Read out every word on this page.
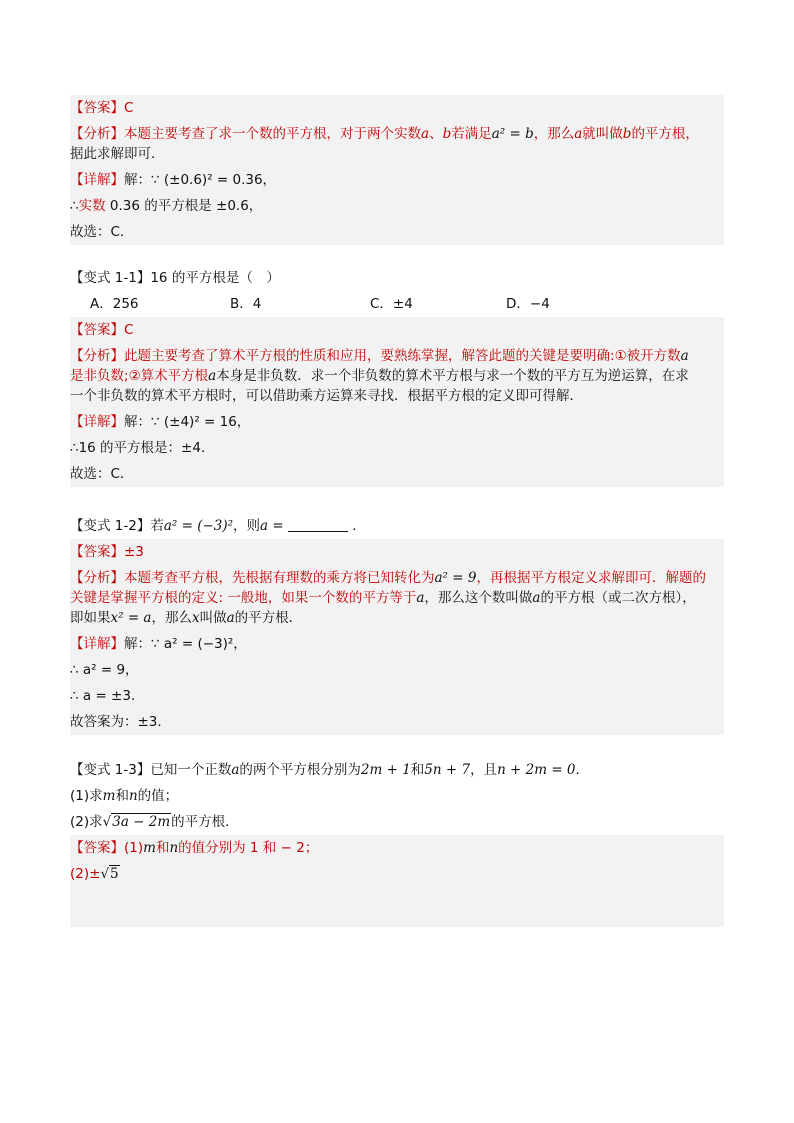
【答案】C

【分析】本题主要考查了求一个数的平方根，对于两个实数a、b若满足a² = b，那么a就叫做b的平方根，
据此求解即可．

【详解】解：∵ (±0.6)² = 0.36，

∴实数 0.36 的平方根是 ±0.6，

故选：C．

【变式 1-1】16 的平方根是（　）

A．256	B．4	C．±4	D．−4

【答案】C

【分析】此题主要考查了算术平方根的性质和应用，要熟练掌握，解答此题的关键是要明确:①被开方数a
是非负数;②算术平方根a本身是非负数．求一个非负数的算术平方根与求一个数的平方互为逆运算，在求
一个非负数的算术平方根时，可以借助乘方运算来寻找．根据平方根的定义即可得解．

【详解】解：∵ (±4)² = 16，

∴16 的平方根是：±4．

故选：C．

【变式 1-2】若a² = (−3)²，则a =	．

【答案】±3

【分析】本题考查平方根，先根据有理数的乘方将已知转化为a² = 9，再根据平方根定义求解即可．解题的
关键是掌握平方根的定义: 一般地，如果一个数的平方等于a，那么这个数叫做a的平方根（或二次方根），
即如果x² = a，那么x叫做a的平方根．

【详解】解：∵ a² = (−3)²，

∴ a² = 9，

∴ a = ±3．

故答案为：±3．

【变式 1-3】已知一个正数a的两个平方根分别为2m + 1和5n + 7，且n + 2m = 0．

(1)求m和n的值；

(2)求√3a − 2m的平方根．

【答案】(1)m和n的值分别为 1 和 − 2；

(2)±√5
